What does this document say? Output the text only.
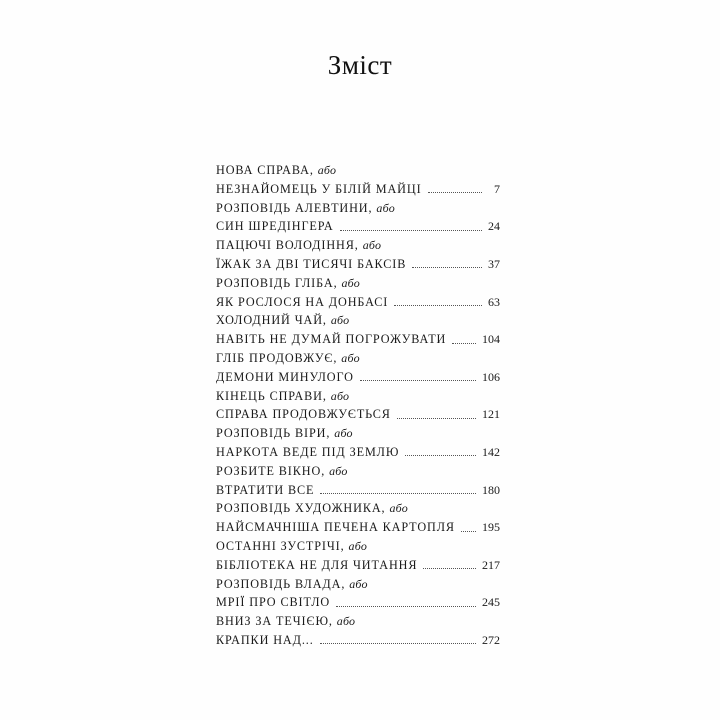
Зміст
НОВА СПРАВА, або
НЕЗНАЙОМЕЦЬ У БІЛІЙ МАЙЦІ	7
РОЗПОВІДЬ АЛЕВТИНИ, або
СИН ШРЕДІНГЕРА	24
ПАЦЮЧІ ВОЛОДІННЯ, або
ЇЖАК ЗА ДВІ ТИСЯЧІ БАКСІВ	37
РОЗПОВІДЬ ГЛІБА, або
ЯК РОСЛОСЯ НА ДОНБАСІ	63
ХОЛОДНИЙ ЧАЙ, або
НАВІТЬ НЕ ДУМАЙ ПОГРОЖУВАТИ	104
ГЛІБ ПРОДОВЖУЄ, або
ДЕМОНИ МИНУЛОГО	106
КІНЕЦЬ СПРАВИ, або
СПРАВА ПРОДОВЖУЄТЬСЯ	121
РОЗПОВІДЬ ВІРИ, або
НАРКОТА ВЕДЕ ПІД ЗЕМЛЮ	142
РОЗБИТЕ ВІКНО, або
ВТРАТИТИ ВСЕ	180
РОЗПОВІДЬ ХУДОЖНИКА, або
НАЙСМАЧНІША ПЕЧЕНА КАРТОПЛЯ 195
ОСТАННІ ЗУСТРІЧІ, або
БІБЛІОТЕКА НЕ ДЛЯ ЧИТАННЯ	217
РОЗПОВІДЬ ВЛАДА, або
МРІЇ ПРО СВІТЛО	245
ВНИЗ ЗА ТЕЧІЄЮ, або
КРАПКИ НАД...	272
